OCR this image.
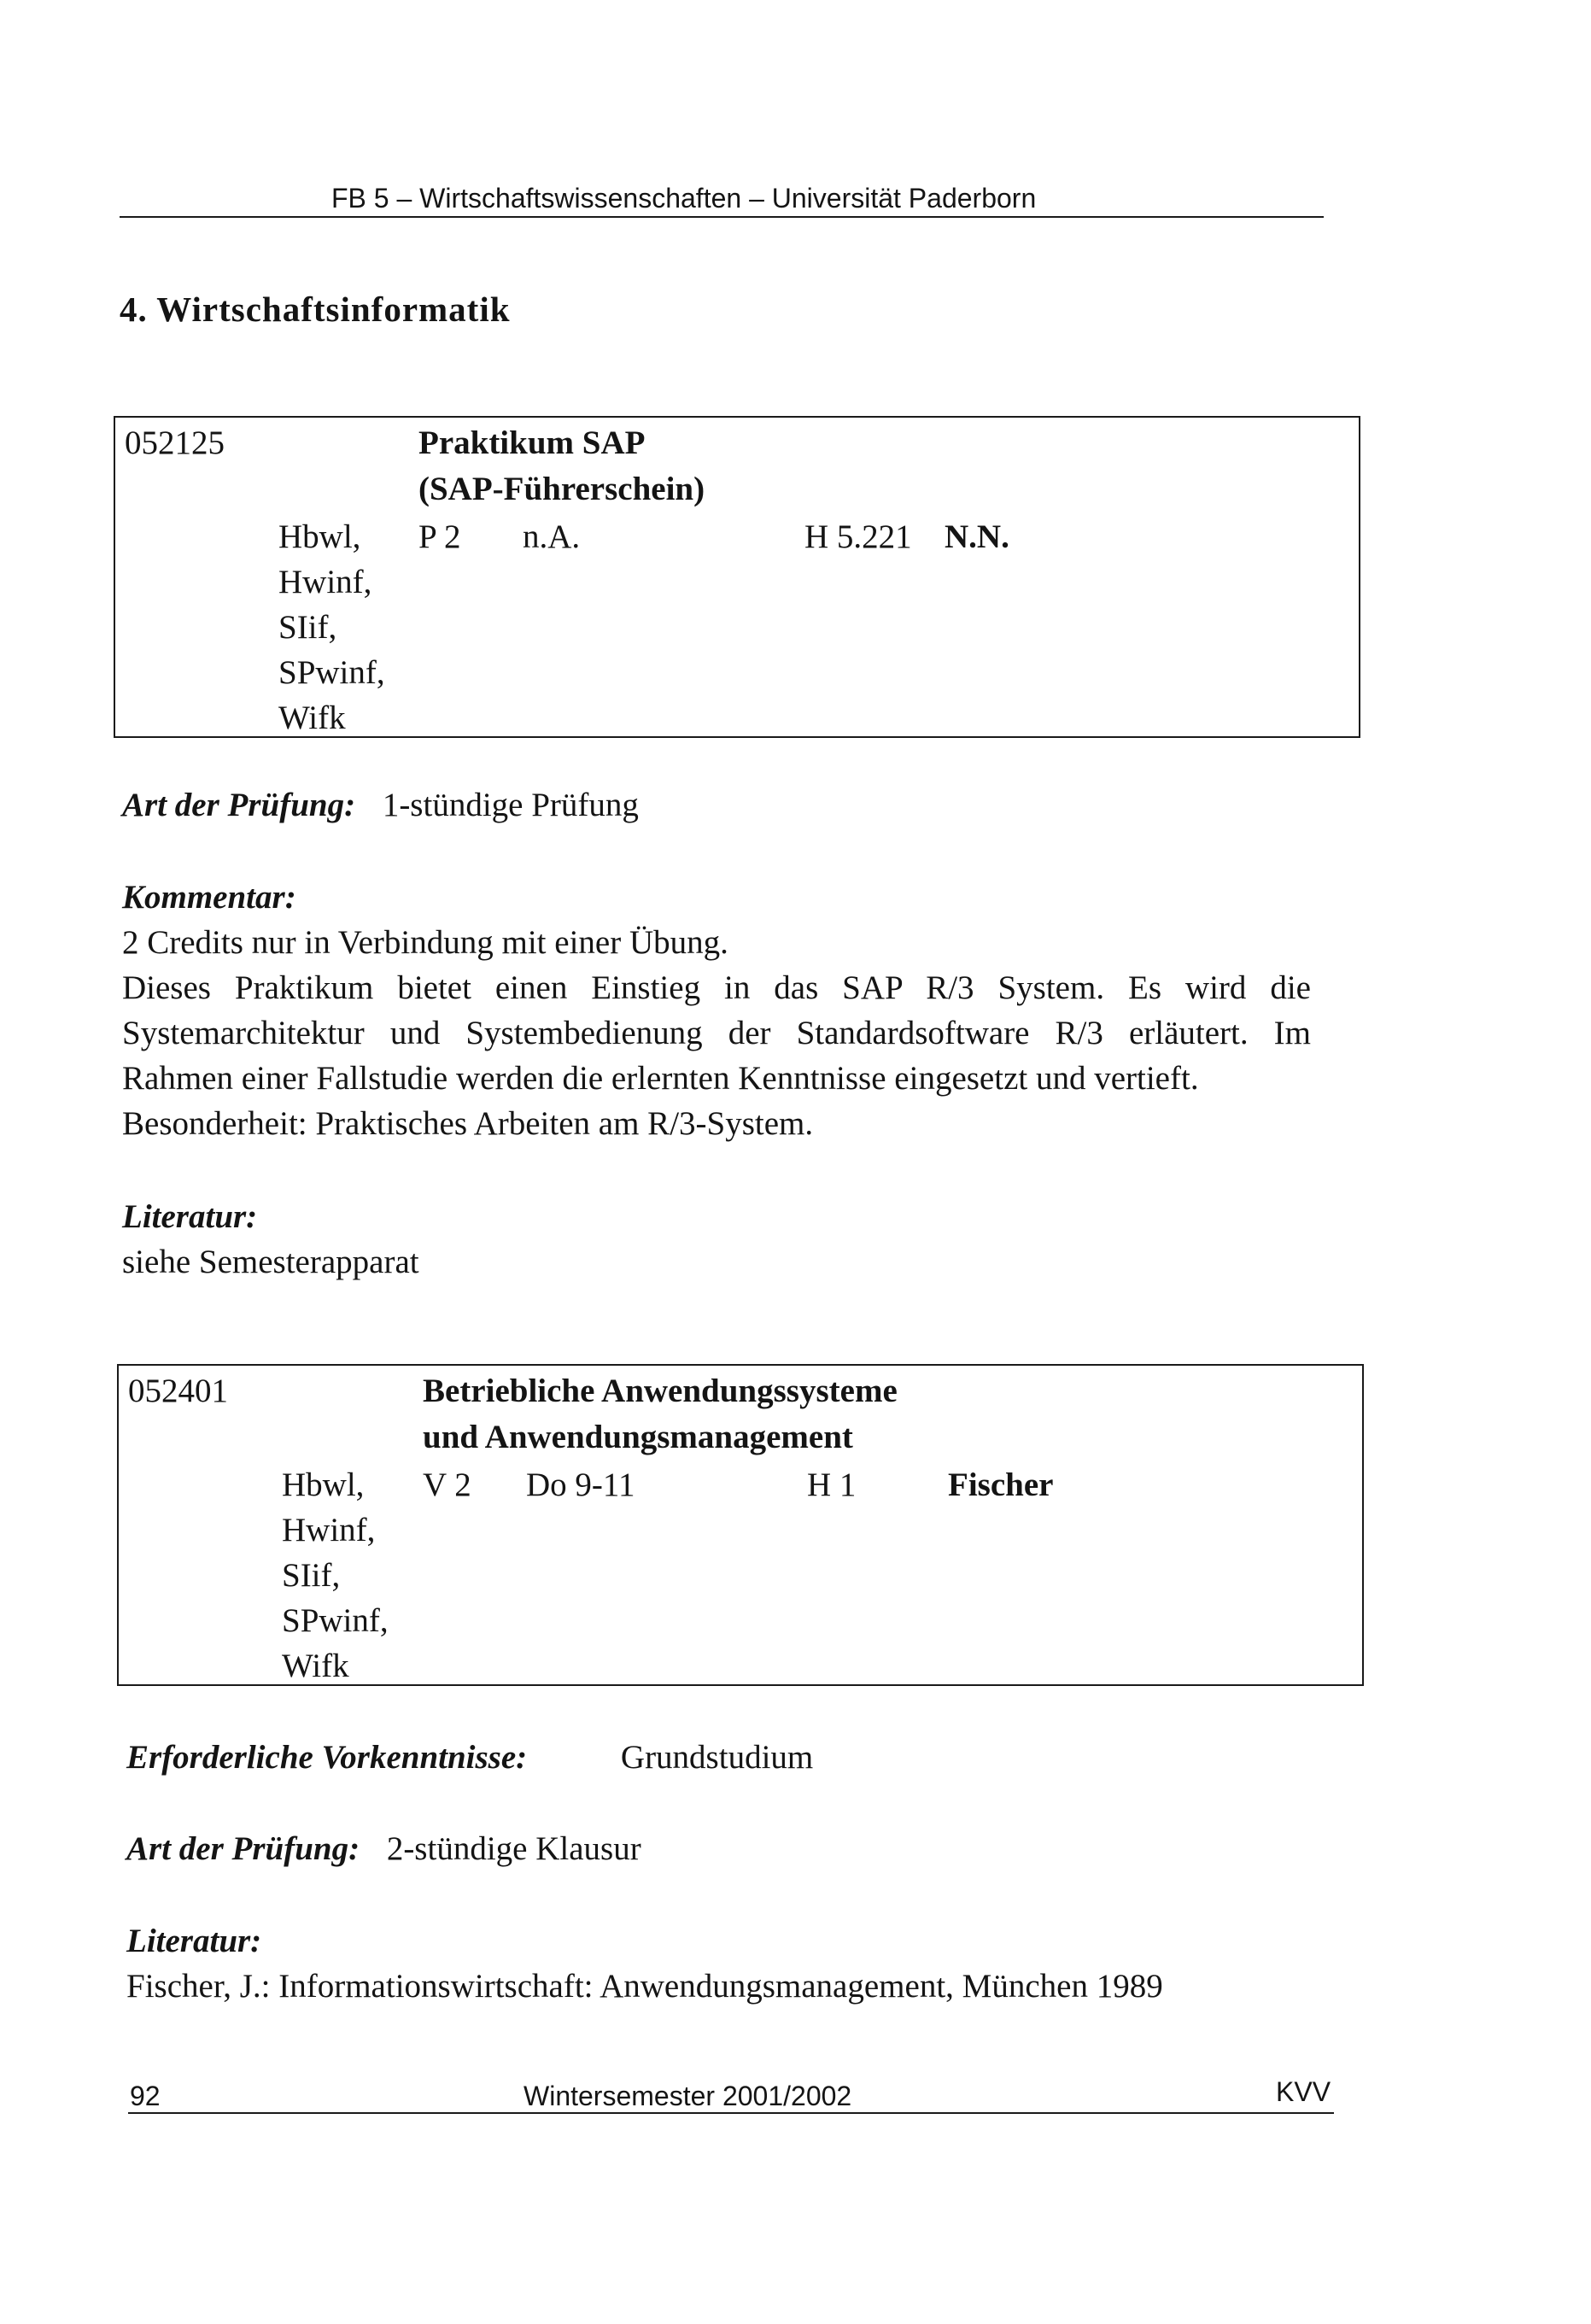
FB 5 – Wirtschaftswissenschaften – Universität Paderborn
4. Wirtschaftsinformatik
052125	Praktikum SAP
(SAP-Führerschein)
Hbwl,
Hwinf,
SIif,
SPwinf,
Wifk
P 2 n.A.	H 5.221 N.N.
Art der Prüfung: 1-stündige Prüfung
Kommentar:
2 Credits nur in Verbindung mit einer Übung.
Dieses Praktikum bietet einen Einstieg in das SAP R/3 System. Es wird die
Systemarchitektur und Systembedienung der Standardsoftware R/3 erläutert. Im
Rahmen einer Fallstudie werden die erlernten Kenntnisse eingesetzt und vertieft.
Besonderheit: Praktisches Arbeiten am R/3-System.
Literatur:
siehe Semesterapparat
052401	Betriebliche Anwendungssysteme
und Anwendungsmanagement
Hbwl,
Hwinf,
SIif,
SPwinf,
Wifk
V 2 Do 9-11	H 1	Fischer
Erforderliche Vorkenntnisse:	Grundstudium
Art der Prüfung: 2-stündige Klausur
Literatur:
Fischer, J.: Informationswirtschaft: Anwendungsmanagement, München 1989
92	Wintersemester 2001/2002	KVV
